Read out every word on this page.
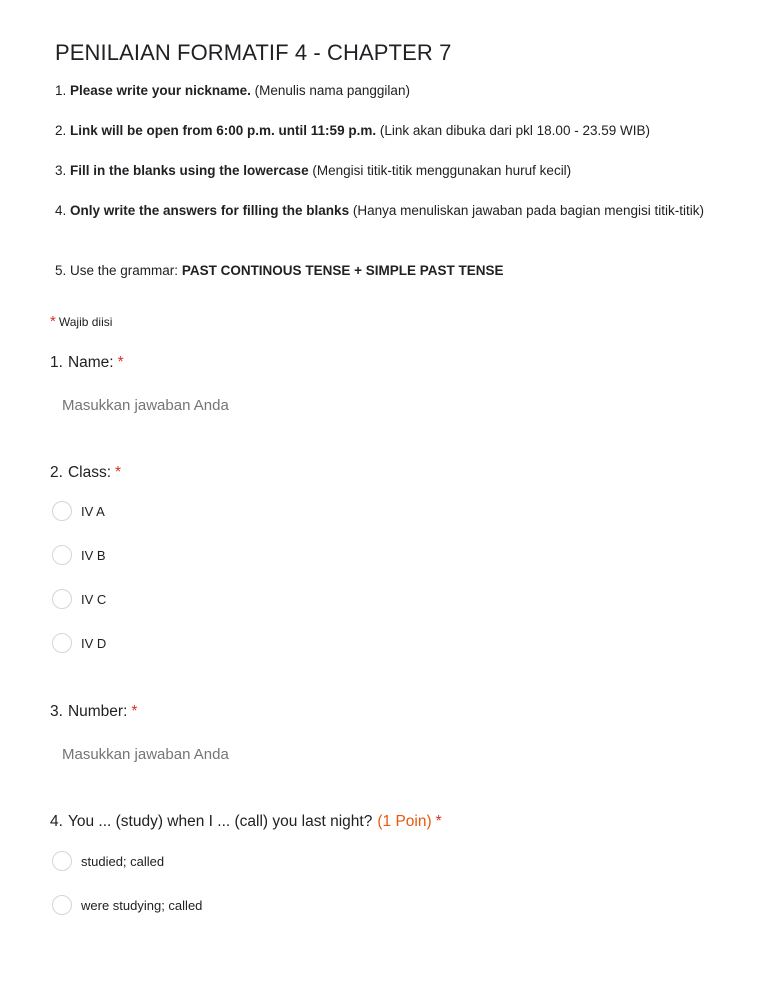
PENILAIAN FORMATIF 4 - CHAPTER 7
1. Please write your nickname. (Menulis nama panggilan)
2. Link will be open from 6:00 p.m. until 11:59 p.m. (Link akan dibuka dari pkl 18.00 - 23.59 WIB)
3. Fill in the blanks using the lowercase (Mengisi titik-titik menggunakan huruf kecil)
4. Only write the answers for filling the blanks (Hanya menuliskan jawaban pada bagian mengisi titik-titik)
5. Use the grammar: PAST CONTINOUS TENSE + SIMPLE PAST TENSE
* Wajib diisi
1. Name: *
Masukkan jawaban Anda
2. Class: *
IV A
IV B
IV C
IV D
3. Number: *
Masukkan jawaban Anda
4. You ... (study) when I ... (call) you last night? (1 Poin) *
studied; called
were studying; called
